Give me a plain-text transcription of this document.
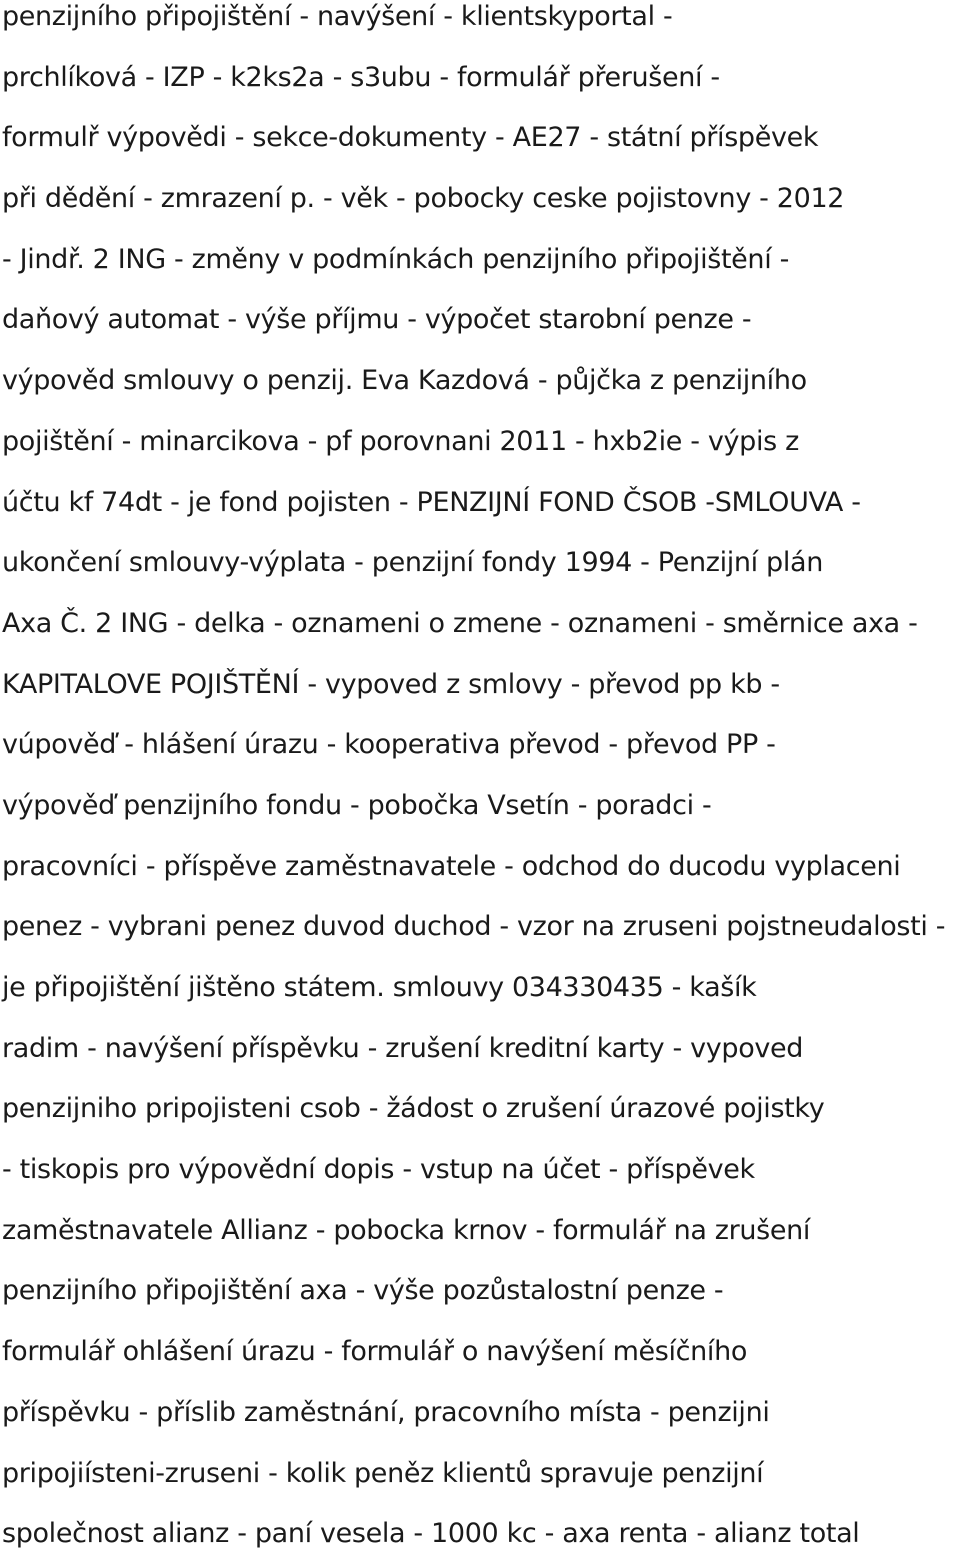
penzijního připojištění - navýšení - klientskyportal -

prchlíková - IZP - k2ks2a - s3ubu - formulář přerušení -

formulř výpovědi - sekce-dokumenty - AE27 - státní příspěvek

při dědění - zmrazení p. - věk - pobocky ceske pojistovny - 2012

- Jindř. 2 ING - změny v podmínkách penzijního připojištění -

daňový automat - výše příjmu - výpočet starobní penze -

výpověd smlouvy o penzij. Eva Kazdová - půjčka z penzijního

pojištění - minarcikova - pf porovnani 2011 - hxb2ie - výpis z

účtu kf 74dt - je fond pojisten - PENZIJNÍ FOND ČSOB -SMLOUVA -

ukončení smlouvy-výplata - penzijní fondy 1994 - Penzijní plán

Axa Č. 2 ING - delka - oznameni o zmene - oznameni - směrnice axa -

KAPITALOVE POJIŠTĚNÍ - vypoved z smlovy - převod pp kb -

vúpověď - hlášení úrazu - kooperativa převod - převod PP -

výpověď penzijního fondu - pobočka Vsetín - poradci -

pracovníci - příspěve zaměstnavatele - odchod do ducodu vyplaceni

penez - vybrani penez duvod duchod - vzor na zruseni pojstneudalosti -

je připojištění jištěno státem. smlouvy 034330435 - kašík

radim - navýšení příspěvku - zrušení kreditní karty - vypoved

penzijniho pripojisteni csob - žádost o zrušení úrazové pojistky

- tiskopis pro výpovědní dopis - vstup na účet - příspěvek

zaměstnavatele Allianz - pobocka krnov - formulář na zrušení

penzijního připojištění axa - výše pozůstalostní penze -

formulář ohlášení úrazu - formulář o navýšení měsíčního

příspěvku - příslib zaměstnání, pracovního místa - penzijni

pripojiísteni-zruseni - kolik peněz klientů spravuje penzijní

společnost alianz - paní vesela - 1000 kc - axa renta - alianz total
